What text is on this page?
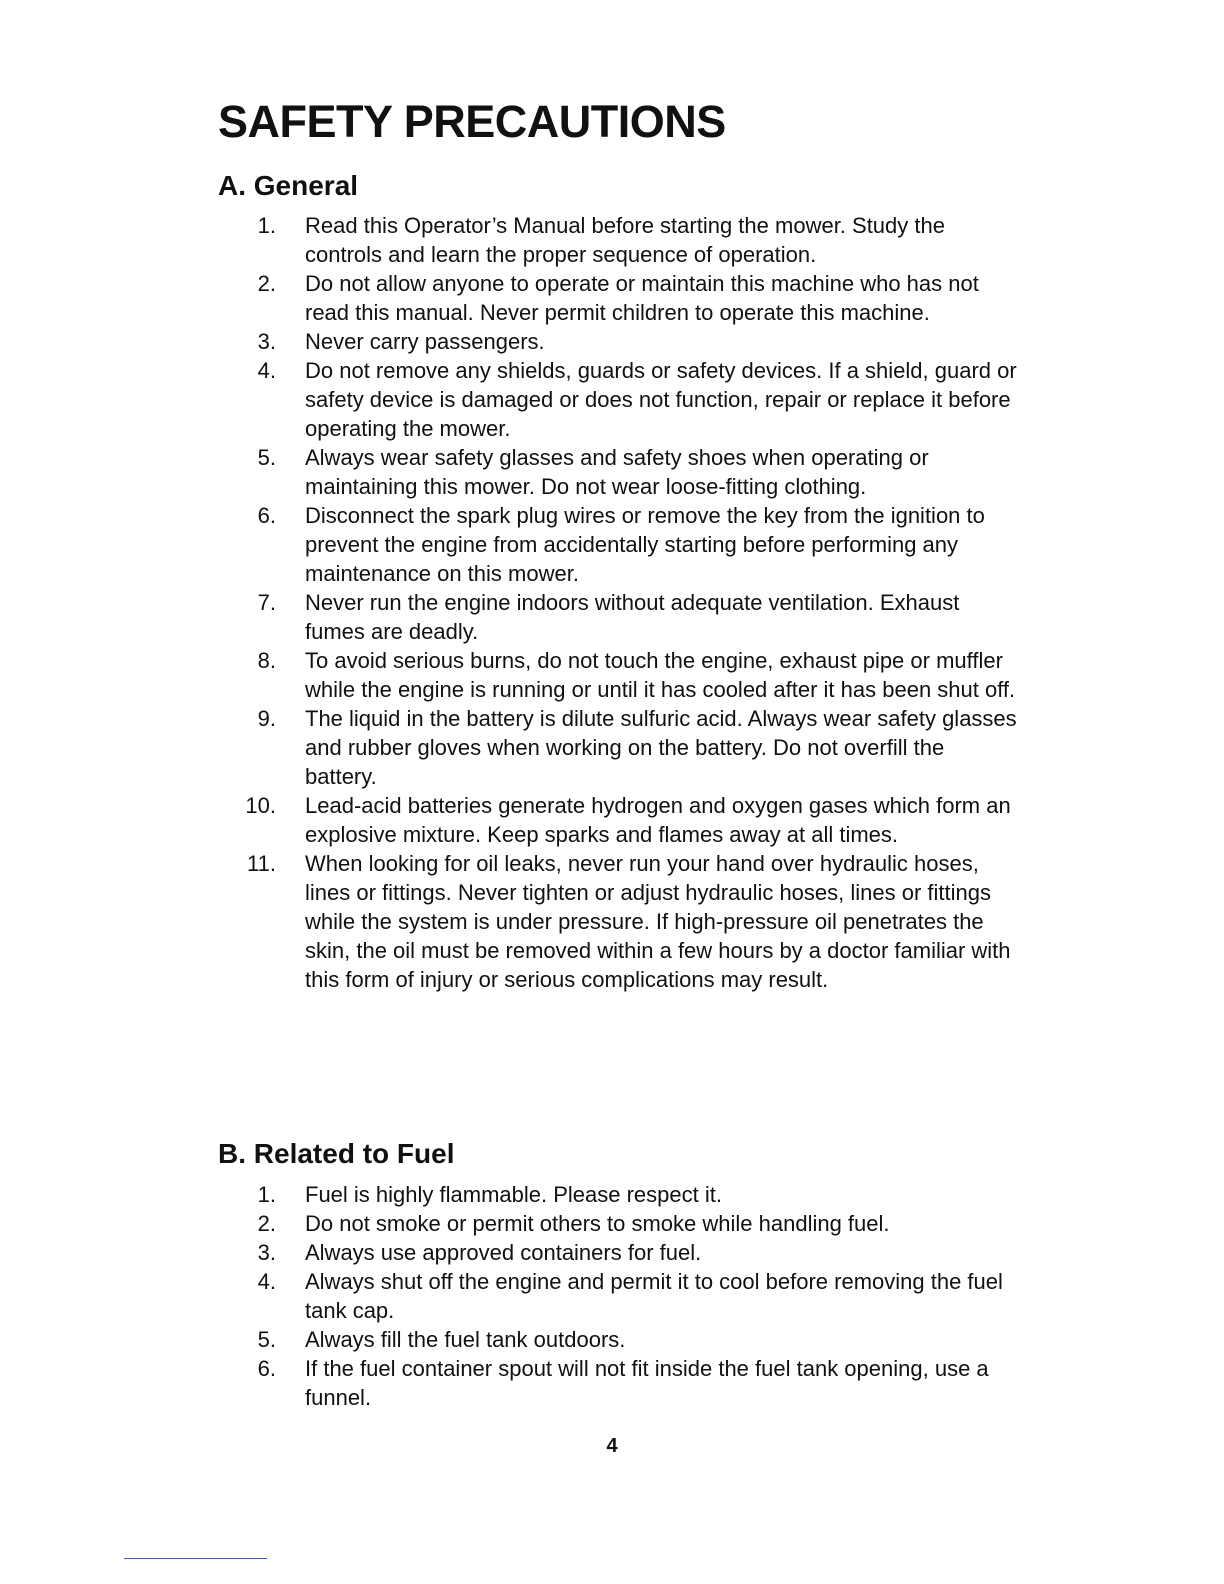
SAFETY PRECAUTIONS
A. General
1. Read this Operator’s Manual before starting the mower. Study the controls and learn the proper sequence of operation.
2. Do not allow anyone to operate or maintain this machine who has not read this manual. Never permit children to operate this machine.
3. Never carry passengers.
4. Do not remove any shields, guards or safety devices. If a shield, guard or safety device is damaged or does not function, repair or replace it before operating the mower.
5. Always wear safety glasses and safety shoes when operating or maintaining this mower. Do not wear loose-fitting clothing.
6. Disconnect the spark plug wires or remove the key from the ignition to prevent the engine from accidentally starting before performing any maintenance on this mower.
7. Never run the engine indoors without adequate ventilation. Exhaust fumes are deadly.
8. To avoid serious burns, do not touch the engine, exhaust pipe or muffler while the engine is running or until it has cooled after it has been shut off.
9. The liquid in the battery is dilute sulfuric acid. Always wear safety glasses and rubber gloves when working on the battery. Do not overfill the battery.
10. Lead-acid batteries generate hydrogen and oxygen gases which form an explosive mixture. Keep sparks and flames away at all times.
11. When looking for oil leaks, never run your hand over hydraulic hoses, lines or fittings. Never tighten or adjust hydraulic hoses, lines or fittings while the system is under pressure. If high-pressure oil penetrates the skin, the oil must be removed within a few hours by a doctor familiar with this form of injury or serious complications may result.
B. Related to Fuel
1. Fuel is highly flammable. Please respect it.
2. Do not smoke or permit others to smoke while handling fuel.
3. Always use approved containers for fuel.
4. Always shut off the engine and permit it to cool before removing the fuel tank cap.
5. Always fill the fuel tank outdoors.
6. If the fuel container spout will not fit inside the fuel tank opening, use a funnel.
4
